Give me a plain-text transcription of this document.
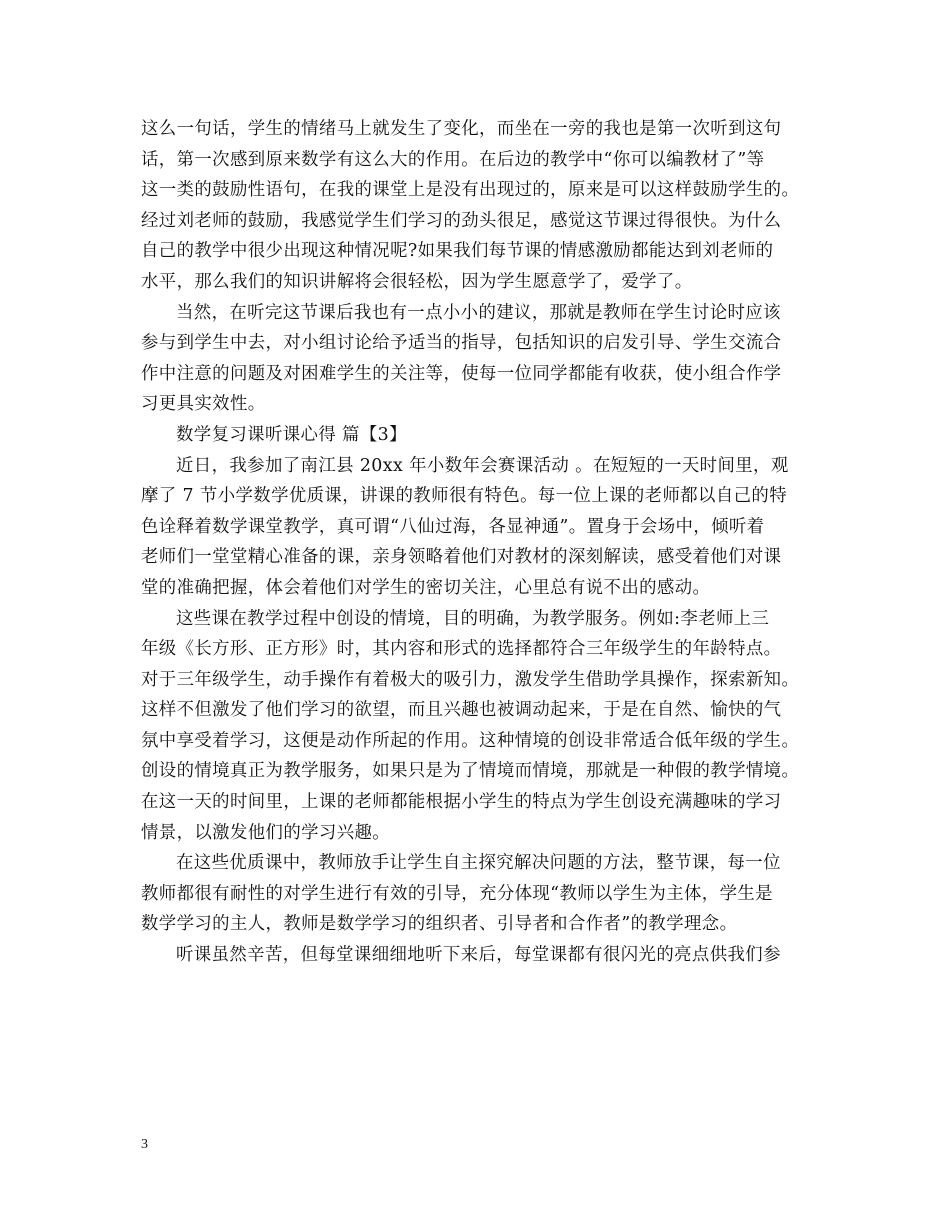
这么一句话，学生的情绪马上就发生了变化，而坐在一旁的我也是第一次听到这句
话，第一次感到原来数学有这么大的作用。在后边的教学中“你可以编教材了”等
这一类的鼓励性语句，在我的课堂上是没有出现过的，原来是可以这样鼓励学生的。
经过刘老师的鼓励，我感觉学生们学习的劲头很足，感觉这节课过得很快。为什么
自己的教学中很少出现这种情况呢?如果我们每节课的情感激励都能达到刘老师的
水平，那么我们的知识讲解将会很轻松，因为学生愿意学了，爱学了。
当然，在听完这节课后我也有一点小小的建议，那就是教师在学生讨论时应该
参与到学生中去，对小组讨论给予适当的指导，包括知识的启发引导、学生交流合
作中注意的问题及对困难学生的关注等，使每一位同学都能有收获，使小组合作学
习更具实效性。
数学复习课听课心得 篇【3】
近日，我参加了南江县 20xx 年小数年会赛课活动 。在短短的一天时间里，观
摩了 7 节小学数学优质课，讲课的教师很有特色。每一位上课的老师都以自己的特
色诠释着数学课堂教学，真可谓“八仙过海，各显神通”。置身于会场中，倾听着
老师们一堂堂精心准备的课，亲身领略着他们对教材的深刻解读，感受着他们对课
堂的准确把握，体会着他们对学生的密切关注，心里总有说不出的感动。
这些课在教学过程中创设的情境，目的明确，为教学服务。例如:李老师上三
年级《长方形、正方形》时，其内容和形式的选择都符合三年级学生的年龄特点。
对于三年级学生，动手操作有着极大的吸引力，激发学生借助学具操作，探索新知。
这样不但激发了他们学习的欲望，而且兴趣也被调动起来，于是在自然、愉快的气
氛中享受着学习，这便是动作所起的作用。这种情境的创设非常适合低年级的学生。
创设的情境真正为教学服务，如果只是为了情境而情境，那就是一种假的教学情境。
在这一天的时间里，上课的老师都能根据小学生的特点为学生创设充满趣味的学习
情景，以激发他们的学习兴趣。
在这些优质课中，教师放手让学生自主探究解决问题的方法，整节课，每一位
教师都很有耐性的对学生进行有效的引导，充分体现“教师以学生为主体，学生是
数学学习的主人，教师是数学学习的组织者、引导者和合作者”的教学理念。
听课虽然辛苦，但每堂课细细地听下来后，每堂课都有很闪光的亮点供我们参
3
